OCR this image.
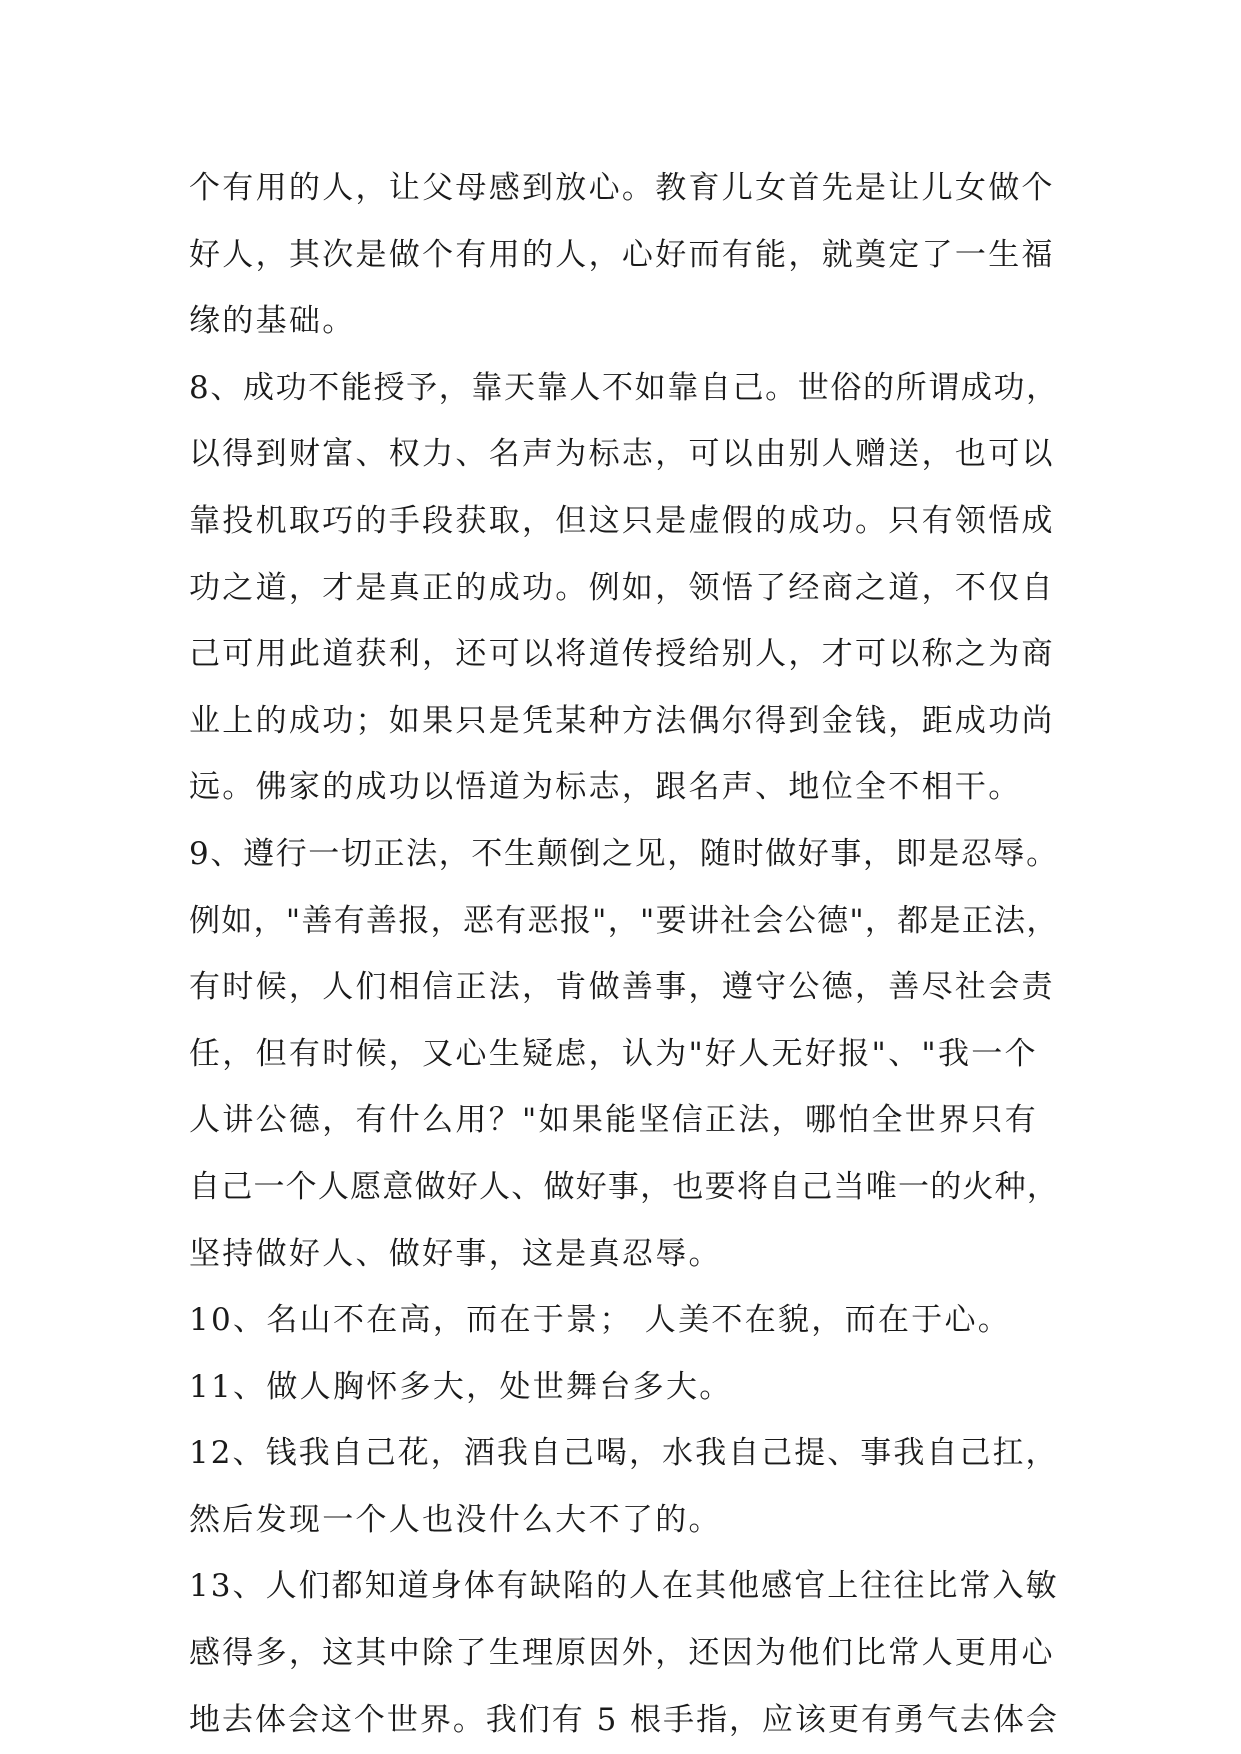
个有用的人，让父母感到放心。教育儿女首先是让儿女做个
好人，其次是做个有用的人，心好而有能，就奠定了一生福
缘的基础。
8、成功不能授予，靠天靠人不如靠自己。世俗的所谓成功，
以得到财富、权力、名声为标志，可以由别人赠送，也可以
靠投机取巧的手段获取，但这只是虚假的成功。只有领悟成
功之道，才是真正的成功。例如，领悟了经商之道，不仅自
己可用此道获利，还可以将道传授给别人，才可以称之为商
业上的成功；如果只是凭某种方法偶尔得到金钱，距成功尚
远。佛家的成功以悟道为标志，跟名声、地位全不相干。
9、遵行一切正法，不生颠倒之见，随时做好事，即是忍辱。
例如，"善有善报，恶有恶报"，"要讲社会公德"，都是正法，
有时候，人们相信正法，肯做善事，遵守公德，善尽社会责
任，但有时候，又心生疑虑，认为"好人无好报"、"我一个
人讲公德，有什么用？"如果能坚信正法，哪怕全世界只有
自己一个人愿意做好人、做好事，也要将自己当唯一的火种，
坚持做好人、做好事，这是真忍辱。
10、名山不在高，而在于景； 人美不在貌，而在于心。
11、做人胸怀多大，处世舞台多大。
12、钱我自己花，酒我自己喝，水我自己提、事我自己扛，
然后发现一个人也没什么大不了的。
13、人们都知道身体有缺陷的人在其他感官上往往比常入敏
感得多，这其中除了生理原因外，还因为他们比常人更用心
地去体会这个世界。我们有 5 根手指，应该更有勇气去体会
